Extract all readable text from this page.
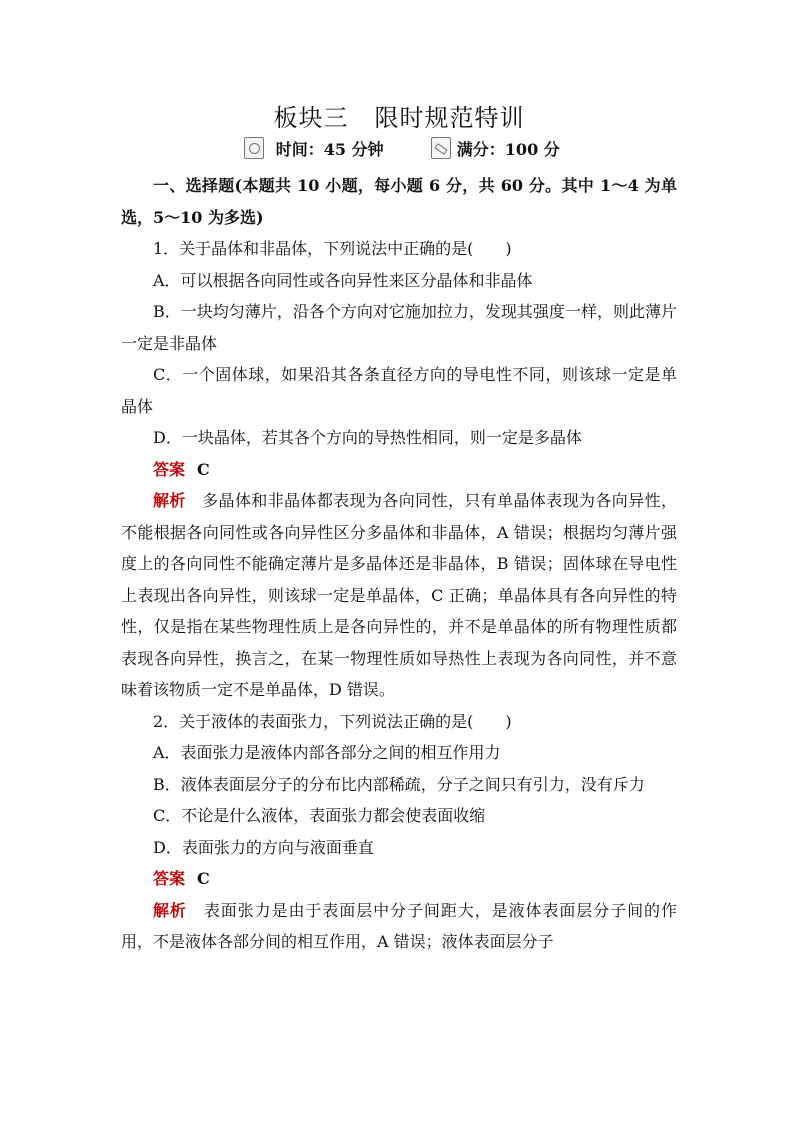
板块三 限时规范特训
时间：45 分钟	满分：100 分

一、选择题(本题共 10 小题，每小题 6 分，共 60 分。其中 1～4 为单选，5～10 为多选)

1．关于晶体和非晶体，下列说法中正确的是(　　)

A．可以根据各向同性或各向异性来区分晶体和非晶体

B．一块均匀薄片，沿各个方向对它施加拉力，发现其强度一样，则此薄片一定是非晶体

C．一个固体球，如果沿其各条直径方向的导电性不同，则该球一定是单晶体

D．一块晶体，若其各个方向的导热性相同，则一定是多晶体

答案 C

解析　 多晶体和非晶体都表现为各向同性，只有单晶体表现为各向异性，不能根据各向同性或各向异性区分多晶体和非晶体，A 错误；根据均匀薄片强度上的各向同性不能确定薄片是多晶体还是非晶体，B 错误；固体球在导电性上表现出各向异性，则该球一定是单晶体，C 正确；单晶体具有各向异性的特性，仅是指在某些物理性质上是各向异性的，并不是单晶体的所有物理性质都表现各向异性，换言之，在某一物理性质如导热性上表现为各向同性，并不意味着该物质一定不是单晶体，D 错误。

2．关于液体的表面张力，下列说法正确的是(　　)

A．表面张力是液体内部各部分之间的相互作用力

B．液体表面层分子的分布比内部稀疏，分子之间只有引力，没有斥力

C．不论是什么液体，表面张力都会使表面收缩

D．表面张力的方向与液面垂直

答案 C

解析　 表面张力是由于表面层中分子间距大，是液体表面层分子间的作用，不是液体各部分间的相互作用，A 错误；液体表面层分子
